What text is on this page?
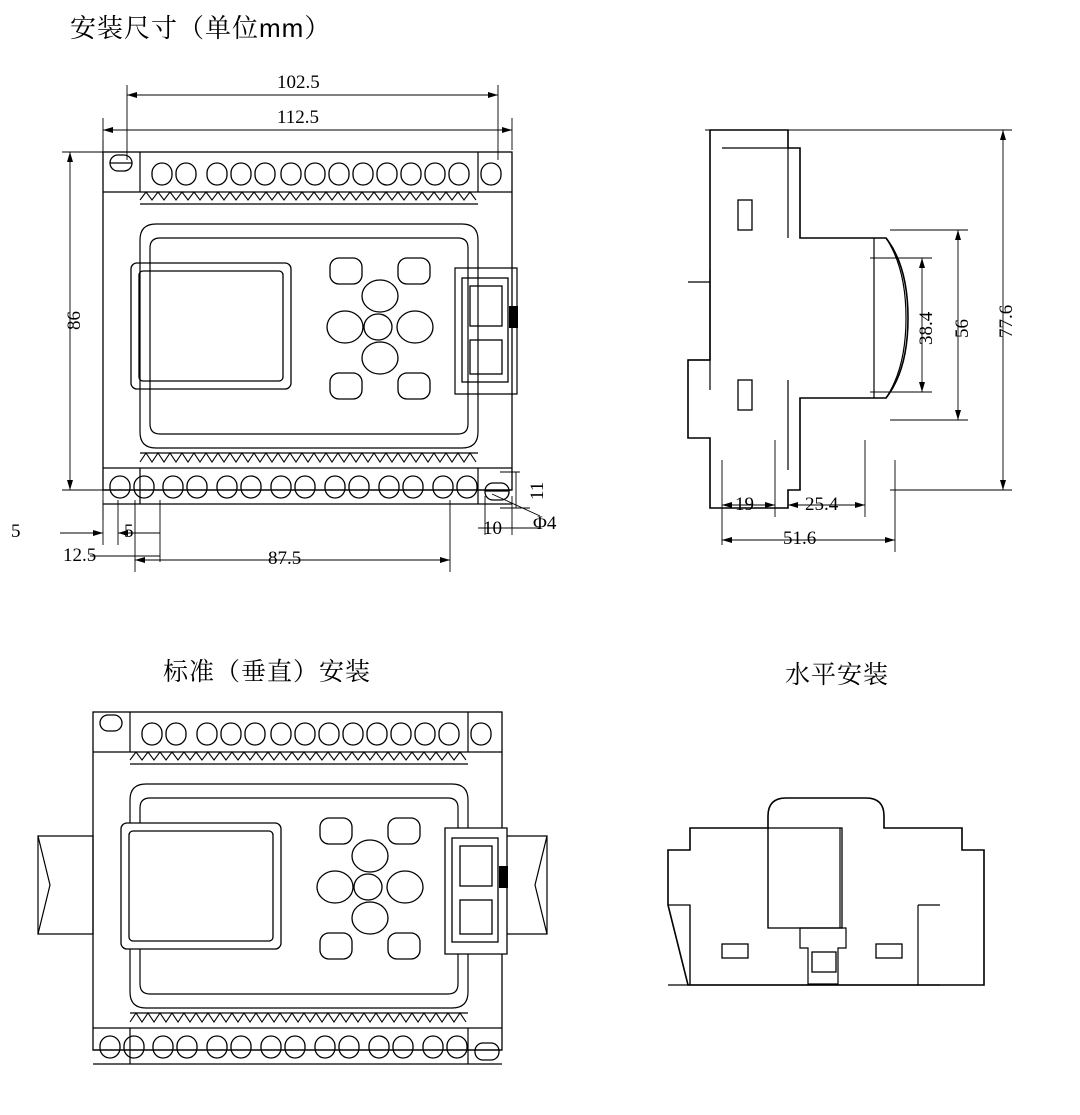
安装尺寸（单位mm）
标准（垂直）安装	水平安装
102.5
112.5
86
87.5
5	5
12.5
11
10 Φ4
77.6
56
38.4
19	25.4
51.6
